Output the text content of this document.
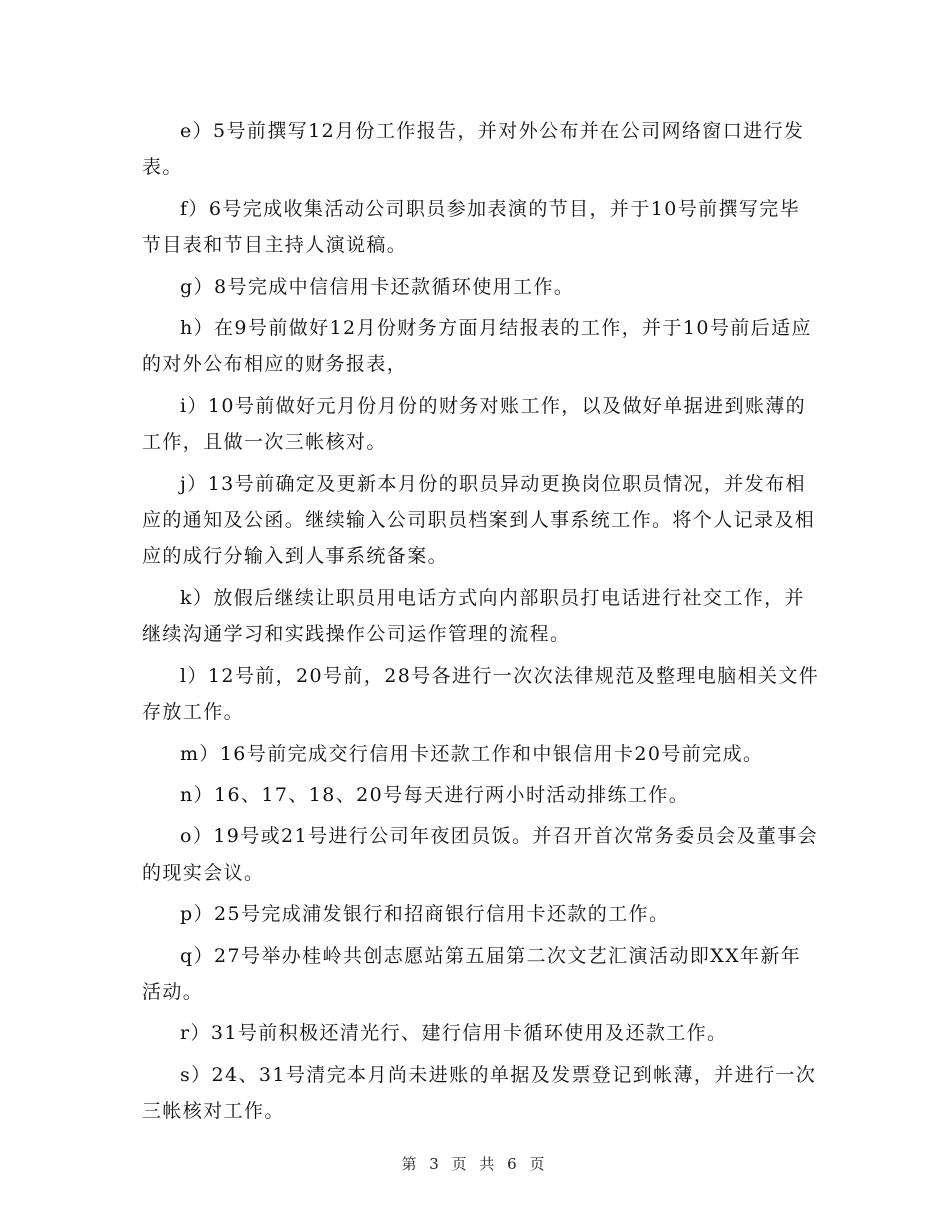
e）5号前撰写12月份工作报告，并对外公布并在公司网络窗口进行发表。

f）6号完成收集活动公司职员参加表演的节目，并于10号前撰写完毕节目表和节目主持人演说稿。

g）8号完成中信信用卡还款循环使用工作。

h）在9号前做好12月份财务方面月结报表的工作，并于10号前后适应的对外公布相应的财务报表，

i）10号前做好元月份月份的财务对账工作，以及做好单据进到账薄的工作，且做一次三帐核对。

j）13号前确定及更新本月份的职员异动更换岗位职员情况，并发布相应的通知及公函。继续输入公司职员档案到人事系统工作。将个人记录及相应的成行分输入到人事系统备案。

k）放假后继续让职员用电话方式向内部职员打电话进行社交工作，并继续沟通学习和实践操作公司运作管理的流程。

l）12号前，20号前，28号各进行一次次法律规范及整理电脑相关文件存放工作。

m）16号前完成交行信用卡还款工作和中银信用卡20号前完成。

n）16、17、18、20号每天进行两小时活动排练工作。

o）19号或21号进行公司年夜团员饭。并召开首次常务委员会及董事会的现实会议。

p）25号完成浦发银行和招商银行信用卡还款的工作。

q）27号举办桂岭共创志愿站第五届第二次文艺汇演活动即XX年新年活动。

r）31号前积极还清光行、建行信用卡循环使用及还款工作。

s）24、31号清完本月尚未进账的单据及发票登记到帐薄，并进行一次三帐核对工作。

第 3 页 共 6 页
